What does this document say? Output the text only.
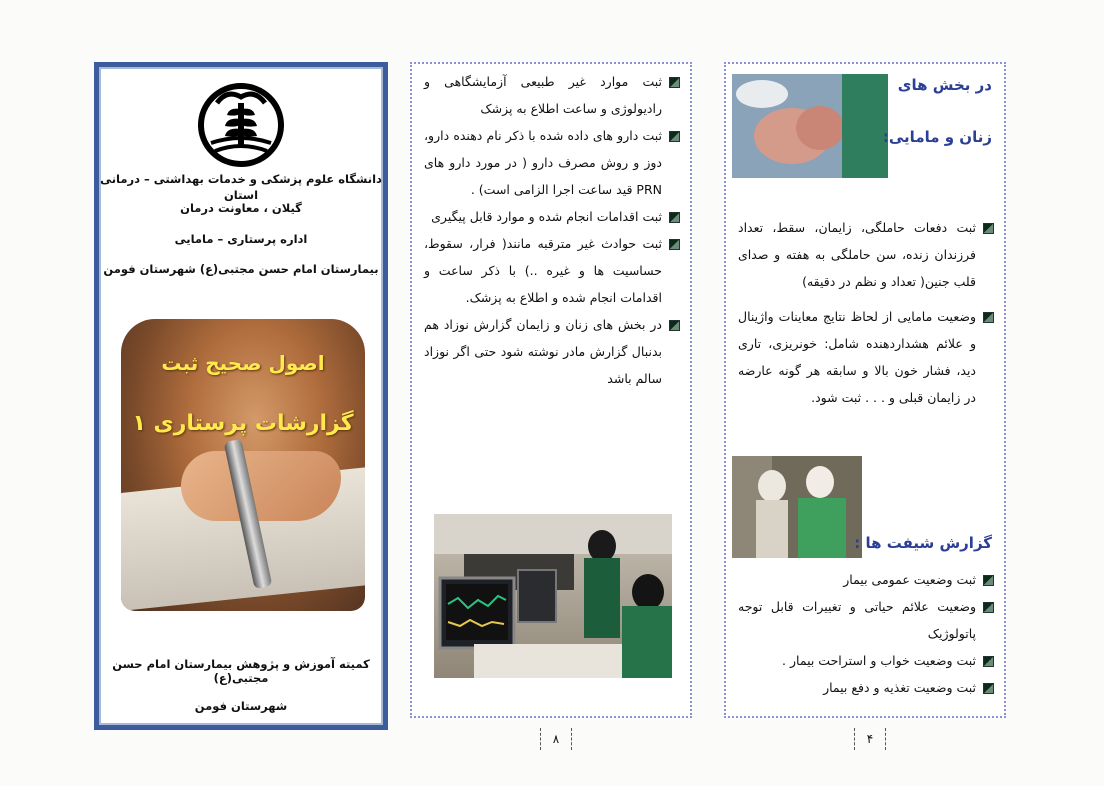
دانشگاه علوم پزشکی و خدمات بهداشتی – درمانی استان
گیلان ، معاونت درمان
اداره پرستاری – مامایی
بیمارستان امام حسن مجتبی(ع) شهرستان فومن
اصول صحیح ثبت
گزارشات پرستاری ۱
کمیته آموزش و پژوهش بیمارستان امام حسن مجتبی(ع)
شهرستان فومن
ثبت موارد غیر طبیعی آزمایشگاهی و رادیولوژی و ساعت اطلاع به پزشک
ثبت دارو های داده شده با ذکر نام دهنده دارو، دوز و روش مصرف دارو ( در مورد دارو های PRN قید ساعت اجرا الزامی است) .
ثبت اقدامات انجام شده و موارد قابل پیگیری
ثبت حوادث غیر مترقبه مانند( فرار، سقوط، حساسیت ها و غیره ..) با ذکر ساعت و اقدامات انجام شده و اطلاع به پزشک.
در بخش های زنان و زایمان گزارش نوزاد هم بدنبال گزارش مادر نوشته شود حتی اگر نوزاد سالم باشد
۸
در بخش های
زنان و مامایی:
ثبت دفعات حاملگی، زایمان، سقط، تعداد فرزندان زنده، سن حاملگی به هفته و صدای قلب جنین( تعداد و نظم در دقیقه)
وضعیت مامایی از لحاظ نتایج معاینات واژینال و علائم هشداردهنده شامل: خونریزی، تاری دید، فشار خون بالا و سابقه هر گونه عارضه در زایمان قبلی و . . . ثبت شود.
گزارش شیفت ها :
ثبت وضعیت عمومی بیمار
وضعیت علائم حیاتی و تغییرات قابل توجه پاتولوژیک
ثبت وضعیت خواب و استراحت بیمار .
ثبت وضعیت تغذیه و دفع بیمار
۴
